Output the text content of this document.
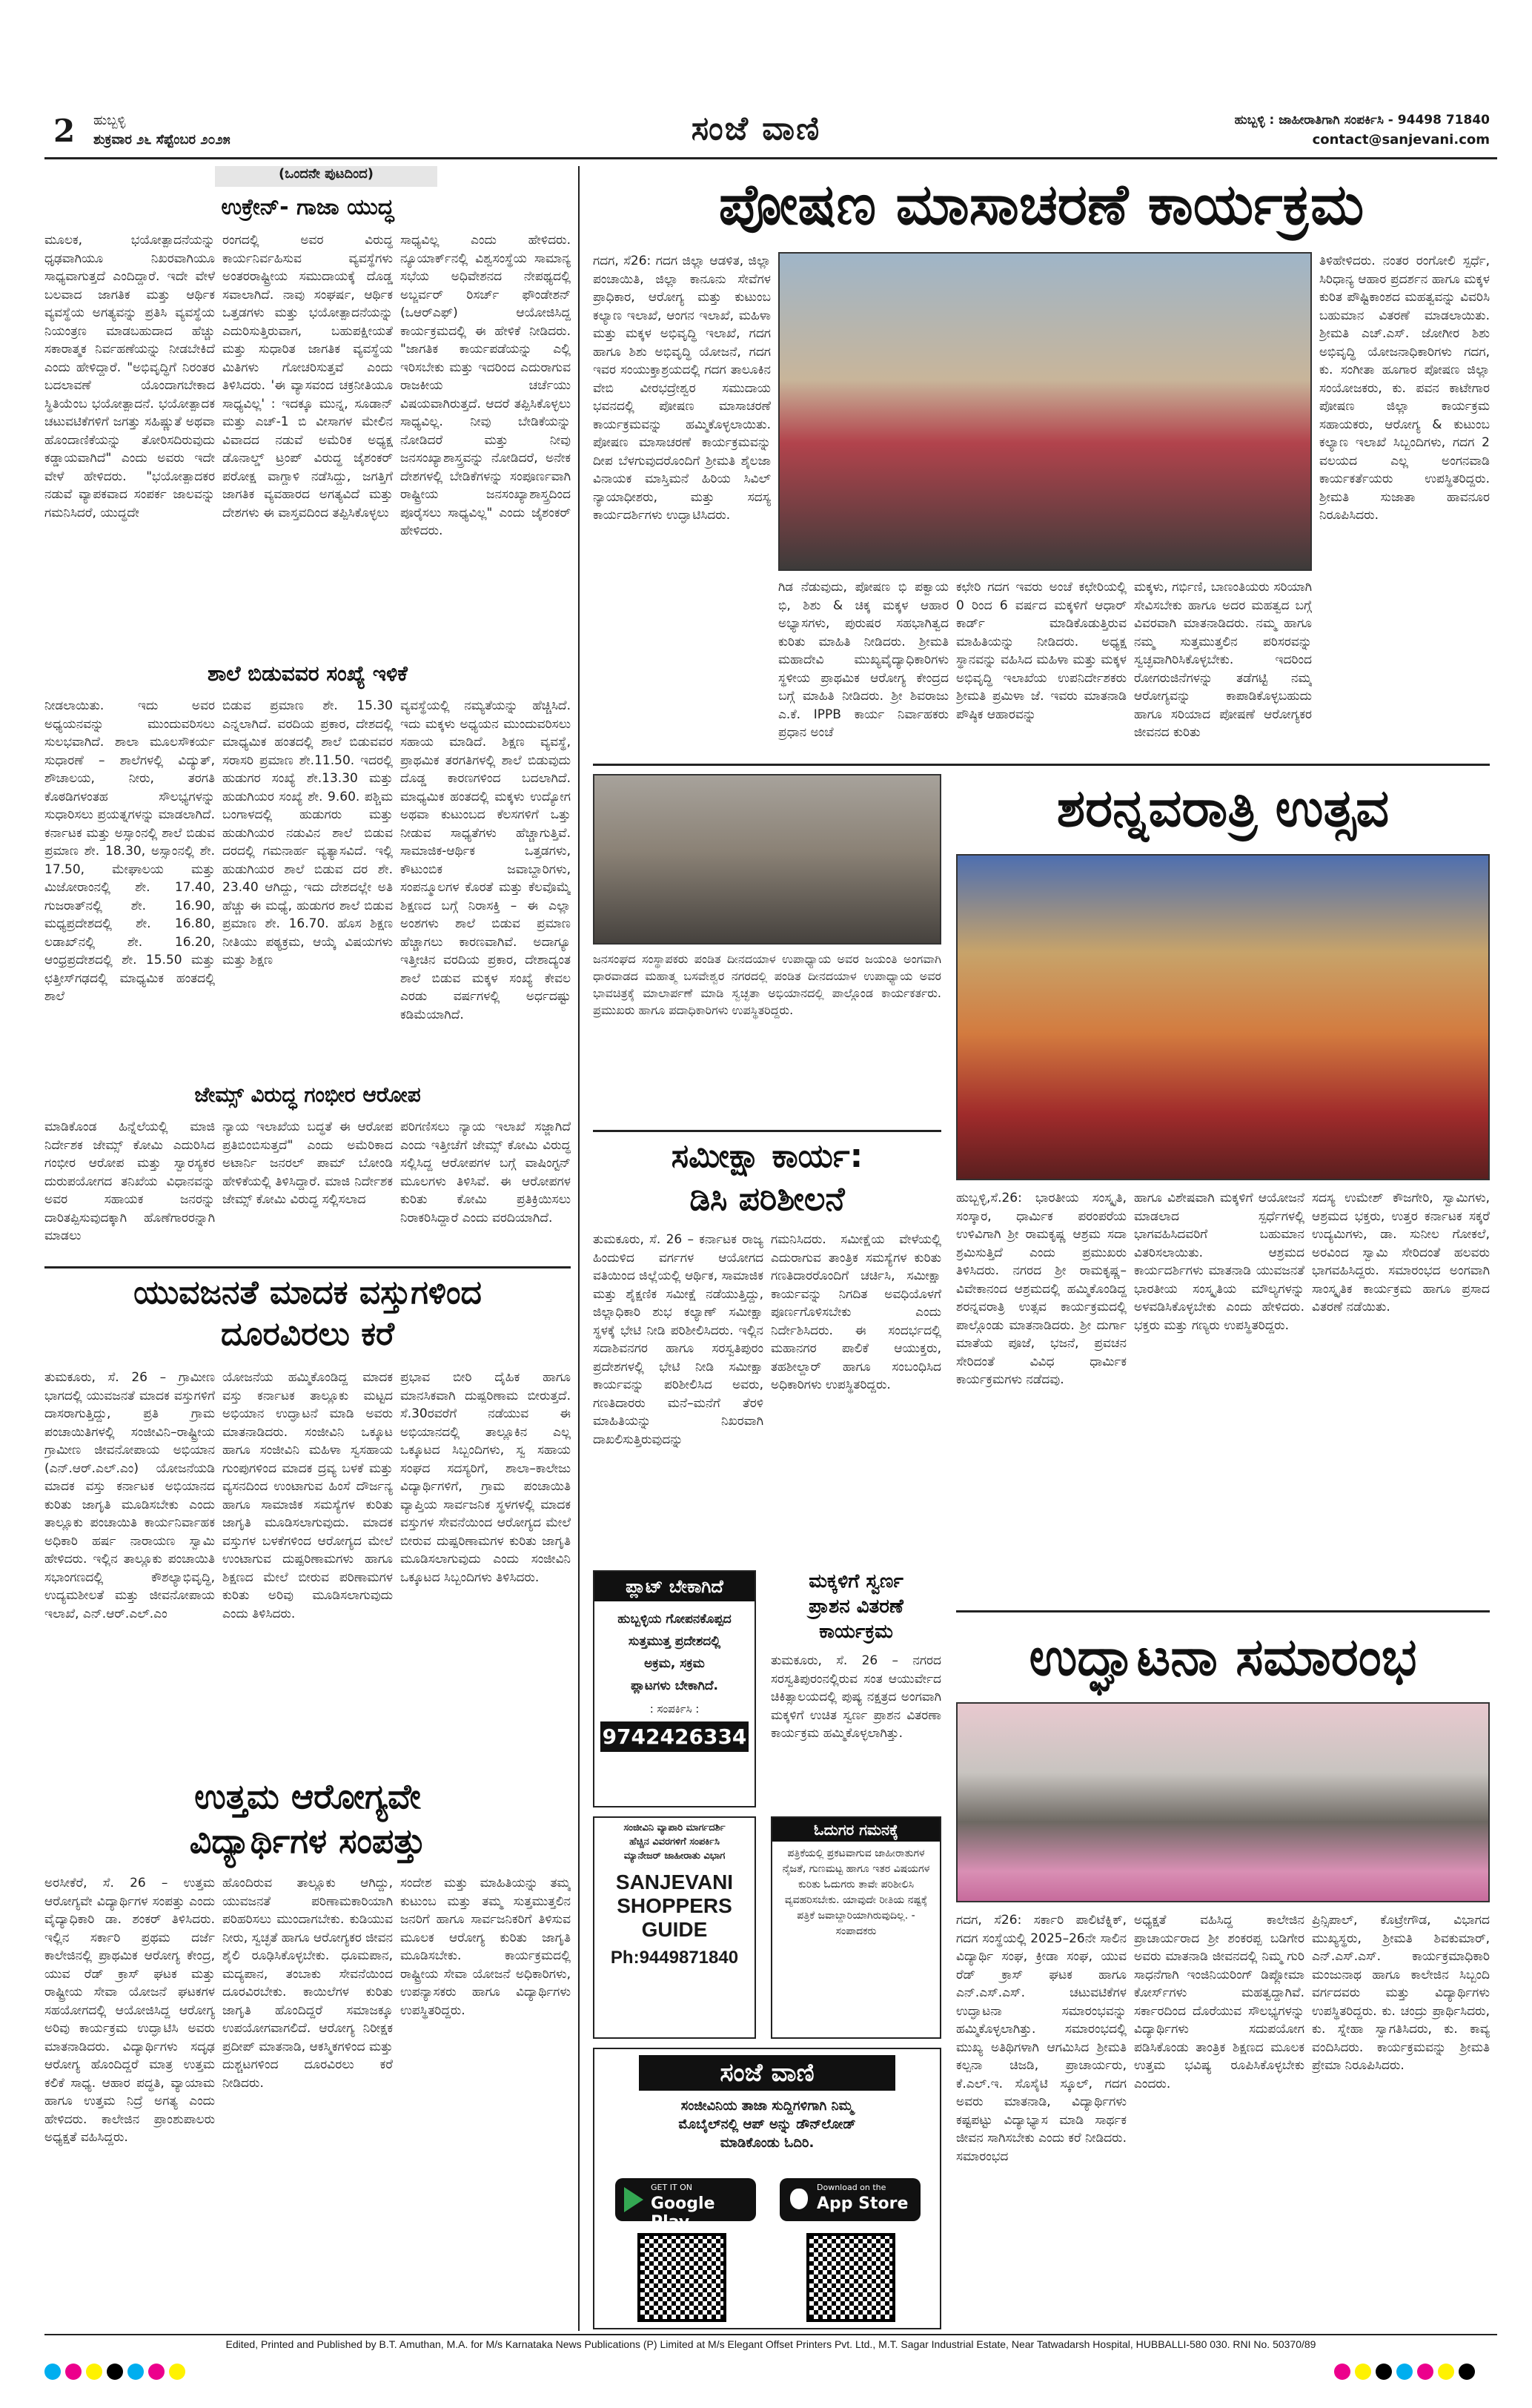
2 ಹುಬ್ಬಳ್ಳಿ
ಶುಕ್ರವಾರ ೨೬ ಸೆಪ್ಟೆಂಬರ ೨೦೨೫	ಸಂಜೆ ವಾಣಿ	ಹುಬ್ಬಳ್ಳಿ : ಜಾಹೀರಾತಿಗಾಗಿ ಸಂಪರ್ಕಿಸಿ - 94498 71840
contact@sanjevani.com
(ಒಂದನೇ ಪುಟದಿಂದ)
ಉಕ್ರೇನ್- ಗಾಜಾ ಯುದ್ಧ
ಮೂಲಕ, ಭಯೋತ್ಪಾದನೆಯನ್ನು ಧೃಢವಾಗಿಯೂ ನಿಖರವಾಗಿಯೂ ಸಾಧ್ಯವಾಗುತ್ತದೆ ಎಂದಿದ್ದಾರೆ. ಇದೇ ವೇಳೆ ಬಲವಾದ ಜಾಗತಿಕ ಮತ್ತು ಆರ್ಥಿಕ ವ್ಯವಸ್ಥೆಯ ಅಗತ್ಯವನ್ನು ಪ್ರತಿಸಿ ವ್ಯವಸ್ಥೆಯ ನಿಯಂತ್ರಣ ಮಾಡಬಹುದಾದ ಹೆಚ್ಚು ಸಕಾರಾತ್ಮಕ ನಿರ್ವಹಣೆಯನ್ನು ನೀಡಬೇಕಿದೆ ಎಂದು ಹೇಳಿದ್ದಾರೆ. "ಅಭಿವೃದ್ಧಿಗೆ ನಿರಂತರ ಬದಲಾವಣೆ ಯೊಂದಾಗಬೇಕಾದ ಸ್ಥಿತಿಯೆಂಬ ಭಯೋತ್ಪಾದನೆ. ಭಯೋತ್ಪಾದಕ ಚಟುವಟಿಕೆಗಳಿಗೆ ಜಗತ್ತು ಸಹಿಷ್ಣುತೆ ಅಥವಾ ಹೊಂದಾಣಿಕೆಯನ್ನು ತೋರಿಸದಿರುವುದು ಕಡ್ಡಾಯವಾಗಿದೆ" ಎಂದು ಅವರು ಇದೇ ವೇಳೆ ಹೇಳಿದರು. "ಭಯೋತ್ಪಾದಕರ ನಡುವೆ ವ್ಯಾಪಕವಾದ ಸಂಪರ್ಕ ಜಾಲವನ್ನು ಗಮನಿಸಿದರೆ, ಯುದ್ಧದೇ
ರಂಗದಲ್ಲಿ ಅವರ ವಿರುದ್ಧ ಕಾರ್ಯನಿರ್ವಹಿಸುವ ವ್ಯವಸ್ಥೆಗಳು ಅಂತರರಾಷ್ಟ್ರೀಯ ಸಮುದಾಯಕ್ಕೆ ದೊಡ್ಡ ಸವಾಲಾಗಿದೆ. ನಾವು ಸಂಘರ್ಷ, ಆರ್ಥಿಕ ಒತ್ತಡಗಳು ಮತ್ತು ಭಯೋತ್ಪಾದನೆಯನ್ನು ಎದುರಿಸುತ್ತಿರುವಾಗ, ಬಹುಪಕ್ಷೀಯತೆ ಮತ್ತು ಸುಧಾರಿತ ಜಾಗತಿಕ ವ್ಯವಸ್ಥೆಯ ಮಿತಿಗಳು ಗೋಚರಿಸುತ್ತವೆ ಎಂದು ತಿಳಿಸಿದರು. 'ಈ ವ್ಯಾಸವಂದ ಚಕ್ರನೀತಿಯೂ ಸಾಧ್ಯವಿಲ್ಲ' : ಇದಕ್ಕೂ ಮುನ್ನ, ಸೂಡಾನ್ ಮತ್ತು ಎಚ್-1 ಬಿ ವೀಸಾಗಳ ಮೇಲಿನ ವಿವಾದದ ನಡುವೆ ಅಮೆರಿಕ ಅಧ್ಯಕ್ಷ ಡೊನಾಲ್ಡ್ ಟ್ರಂಪ್ ವಿರುದ್ಧ ಜೈಶಂಕರ್ ಪರೋಕ್ಷ ವಾಗ್ದಾಳಿ ನಡೆಸಿದ್ದು, ಜಗತ್ತಿಗೆ ಜಾಗತಿಕ ವ್ಯವಹಾರದ ಅಗತ್ಯವಿದೆ ಮತ್ತು ದೇಶಗಳು ಈ ವಾಸ್ತವದಿಂದ ತಪ್ಪಿಸಿಕೊಳ್ಳಲು
ಸಾಧ್ಯವಿಲ್ಲ ಎಂದು ಹೇಳಿದರು. ನ್ಯೂಯಾರ್ಕ್‌ನಲ್ಲಿ ವಿಶ್ವಸಂಸ್ಥೆಯ ಸಾಮಾನ್ಯ ಸಭೆಯ ಅಧಿವೇಶನದ ನೇಪಥ್ಯದಲ್ಲಿ ಅಬ್ಜರ್ವರ್ ರಿಸರ್ಚ್ ಫೌಂಡೇಶನ್ (ಒಆರ್‌ಎಫ್) ಆಯೋಜಿಸಿದ್ದ ಕಾರ್ಯಕ್ರಮದಲ್ಲಿ ಈ ಹೇಳಿಕೆ ನೀಡಿದರು. "ಜಾಗತಿಕ ಕಾರ್ಯಪಡೆಯನ್ನು ಎಲ್ಲಿ ಇರಿಸಬೇಕು ಮತ್ತು ಇದರಿಂದ ಎದುರಾಗುವ ರಾಜಕೀಯ ಚರ್ಚೆಯು ವಿಷಯವಾಗಿರುತ್ತದೆ. ಆದರೆ ತಪ್ಪಿಸಿಕೊಳ್ಳಲು ಸಾಧ್ಯವಿಲ್ಲ. ನೀವು ಬೇಡಿಕೆಯನ್ನು ನೋಡಿದರೆ ಮತ್ತು ನೀವು ಜನಸಂಖ್ಯಾಶಾಸ್ತ್ರವನ್ನು ನೋಡಿದರೆ, ಅನೇಕ ದೇಶಗಳಲ್ಲಿ ಬೇಡಿಕೆಗಳನ್ನು ಸಂಪೂರ್ಣವಾಗಿ ರಾಷ್ಟ್ರೀಯ ಜನಸಂಖ್ಯಾಶಾಸ್ತ್ರದಿಂದ ಪೂರೈಸಲು ಸಾಧ್ಯವಿಲ್ಲ" ಎಂದು ಜೈಶಂಕರ್ ಹೇಳಿದರು.
ಶಾಲೆ ಬಿಡುವವರ ಸಂಖ್ಯೆ ಇಳಿಕೆ
ನೀಡಲಾಯಿತು. ಇದು ಅವರ ಅಧ್ಯಯನವನ್ನು ಮುಂದುವರಿಸಲು ಸುಲಭವಾಗಿದೆ. ಶಾಲಾ ಮೂಲಸೌಕರ್ಯ ಸುಧಾರಣೆ – ಶಾಲೆಗಳಲ್ಲಿ ವಿದ್ಯುತ್, ಶೌಚಾಲಯ, ನೀರು, ತರಗತಿ ಕೊಠಡಿಗಳಂತಹ ಸೌಲಭ್ಯಗಳನ್ನು ಸುಧಾರಿಸಲು ಪ್ರಯತ್ನಗಳನ್ನು ಮಾಡಲಾಗಿದೆ. ಕರ್ನಾಟಕ ಮತ್ತು ಅಸ್ಸಾಂನಲ್ಲಿ ಶಾಲೆ ಬಿಡುವ ಪ್ರಮಾಣ ಶೇ. 18.30, ಅಸ್ಸಾಂನಲ್ಲಿ ಶೇ. 17.50, ಮೇಘಾಲಯ ಮತ್ತು ಮಿಜೋರಾಂನಲ್ಲಿ ಶೇ. 17.40, ಗುಜರಾತ್‌ನಲ್ಲಿ ಶೇ. 16.90, ಮಧ್ಯಪ್ರದೇಶದಲ್ಲಿ ಶೇ. 16.80, ಲಡಾಖ್‌ನಲ್ಲಿ ಶೇ. 16.20, ಆಂಧ್ರಪ್ರದೇಶದಲ್ಲಿ ಶೇ. 15.50 ಮತ್ತು ಛತ್ತೀಸ್‌ಗಢದಲ್ಲಿ ಮಾಧ್ಯಮಿಕ ಹಂತದಲ್ಲಿ ಶಾಲೆ
ಬಿಡುವ ಪ್ರಮಾಣ ಶೇ. 15.30 ಎನ್ನಲಾಗಿದೆ. ವರದಿಯ ಪ್ರಕಾರ, ದೇಶದಲ್ಲಿ ಮಾಧ್ಯಮಿಕ ಹಂತದಲ್ಲಿ ಶಾಲೆ ಬಿಡುವವರ ಸರಾಸರಿ ಪ್ರಮಾಣ ಶೇ.11.50. ಇದರಲ್ಲಿ ಹುಡುಗರ ಸಂಖ್ಯೆ ಶೇ.13.30 ಮತ್ತು ಹುಡುಗಿಯರ ಸಂಖ್ಯೆ ಶೇ. 9.60. ಪಶ್ಚಿಮ ಬಂಗಾಳದಲ್ಲಿ ಹುಡುಗರು ಮತ್ತು ಹುಡುಗಿಯರ ನಡುವಿನ ಶಾಲೆ ಬಿಡುವ ದರದಲ್ಲಿ ಗಮನಾರ್ಹ ವ್ಯತ್ಯಾಸವಿದೆ. ಇಲ್ಲಿ ಹುಡುಗಿಯರ ಶಾಲೆ ಬಿಡುವ ದರ ಶೇ. 23.40 ಆಗಿದ್ದು, ಇದು ದೇಶದಲ್ಲೇ ಅತಿ ಹೆಚ್ಚು ಈ ಮಧ್ಯೆ, ಹುಡುಗರ ಶಾಲೆ ಬಿಡುವ ಪ್ರಮಾಣ ಶೇ. 16.70. ಹೊಸ ಶಿಕ್ಷಣ ನೀತಿಯು ಪಠ್ಯಕ್ರಮ, ಆಯ್ಕೆ ವಿಷಯಗಳು ಮತ್ತು ಶಿಕ್ಷಣ
ವ್ಯವಸ್ಥೆಯಲ್ಲಿ ನಮ್ಯತೆಯನ್ನು ಹೆಚ್ಚಿಸಿದೆ. ಇದು ಮಕ್ಕಳು ಅಧ್ಯಯನ ಮುಂದುವರಿಸಲು ಸಹಾಯ ಮಾಡಿದೆ. ಶಿಕ್ಷಣ ವ್ಯವಸ್ಥೆ, ಪ್ರಾಥಮಿಕ ತರಗತಿಗಳಲ್ಲಿ ಶಾಲೆ ಬಿಡುವುದು ದೊಡ್ಡ ಕಾರಣಗಳಿಂದ ಬದಲಾಗಿದೆ. ಮಾಧ್ಯಮಿಕ ಹಂತದಲ್ಲಿ ಮಕ್ಕಳು ಉದ್ಯೋಗ ಅಥವಾ ಕುಟುಂಬದ ಕೆಲಸಗಳಿಗೆ ಒತ್ತು ನೀಡುವ ಸಾಧ್ಯತೆಗಳು ಹೆಚ್ಚಾಗುತ್ತಿವೆ. ಸಾಮಾಜಿಕ-ಆರ್ಥಿಕ ಒತ್ತಡಗಳು, ಕೌಟುಂಬಿಕ ಜವಾಬ್ದಾರಿಗಳು, ಸಂಪನ್ಮೂಲಗಳ ಕೊರತೆ ಮತ್ತು ಕೆಲವೊಮ್ಮೆ ಶಿಕ್ಷಣದ ಬಗ್ಗೆ ನಿರಾಸಕ್ತಿ – ಈ ಎಲ್ಲಾ ಅಂಶಗಳು ಶಾಲೆ ಬಿಡುವ ಪ್ರಮಾಣ ಹೆಚ್ಚಾಗಲು ಕಾರಣವಾಗಿವೆ. ಅದಾಗ್ಯೂ ಇತ್ತೀಚಿನ ವರದಿಯ ಪ್ರಕಾರ, ದೇಶಾದ್ಯಂತ ಶಾಲೆ ಬಿಡುವ ಮಕ್ಕಳ ಸಂಖ್ಯೆ ಕೇವಲ ಎರಡು ವರ್ಷಗಳಲ್ಲಿ ಅರ್ಧದಷ್ಟು ಕಡಿಮೆಯಾಗಿದೆ.
ಜೇಮ್ಸ್ ವಿರುದ್ಧ ಗಂಭೀರ ಆರೋಪ
ಮಾಡಿಕೊಂಡ ಹಿನ್ನೆಲೆಯಲ್ಲಿ ಮಾಜಿ ನಿರ್ದೇಶಕ ಜೇಮ್ಸ್ ಕೋಮಿ ಎದುರಿಸಿದ ಗಂಭೀರ ಆರೋಪ ಮತ್ತು ಸ್ವಾರಸ್ಯಕರ ದುರುಪಯೋಗದ ತನಿಖೆಯ ವಿಧಾನವನ್ನು ಅವರ ಸಹಾಯಕ ಜನರನ್ನು ದಾರಿತಪ್ಪಿಸುವುದಕ್ಕಾಗಿ ಹೊಣೆಗಾರರನ್ನಾಗಿ ಮಾಡಲು
ನ್ಯಾಯ ಇಲಾಖೆಯ ಬದ್ಧತೆ ಈ ಆರೋಪ ಪ್ರತಿಬಿಂಬಿಸುತ್ತದೆ" ಎಂದು ಅಮೆರಿಕಾದ ಅಟಾರ್ನಿ ಜನರಲ್ ಪಾಮ್ ಬೋಂಡಿ ಹೇಳಿಕೆಯಲ್ಲಿ ತಿಳಿಸಿದ್ದಾರೆ. ಮಾಜಿ ನಿರ್ದೇಶಕ ಜೇಮ್ಸ್ ಕೋಮಿ ವಿರುದ್ಧ ಸಲ್ಲಿಸಲಾದ
ಪರಿಗಣಿಸಲು ನ್ಯಾಯ ಇಲಾಖೆ ಸಜ್ಜಾಗಿದೆ ಎಂದು ಇತ್ತೀಚೆಗೆ ಜೇಮ್ಸ್ ಕೋಮಿ ವಿರುದ್ಧ ಸಲ್ಲಿಸಿದ್ದ ಆರೋಪಗಳ ಬಗ್ಗೆ ವಾಷಿಂಗ್ಟನ್ ಮೂಲಗಳು ತಿಳಿಸಿವೆ. ಈ ಆರೋಪಗಳ ಕುರಿತು ಕೋಮಿ ಪ್ರತಿಕ್ರಿಯಿಸಲು ನಿರಾಕರಿಸಿದ್ದಾರೆ ಎಂದು ವರದಿಯಾಗಿದೆ.
ಯುವಜನತೆ ಮಾದಕ ವಸ್ತುಗಳಿಂದ
ದೂರವಿರಲು ಕರೆ
ತುಮಕೂರು, ಸೆ. 26 – ಗ್ರಾಮೀಣ ಭಾಗದಲ್ಲಿ ಯುವಜನತೆ ಮಾದಕ ವಸ್ತುಗಳಿಗೆ ದಾಸರಾಗುತ್ತಿದ್ದು, ಪ್ರತಿ ಗ್ರಾಮ ಪಂಚಾಯಿತಿಗಳಲ್ಲಿ ಸಂಜೀವಿನಿ–ರಾಷ್ಟ್ರೀಯ ಗ್ರಾಮೀಣ ಜೀವನೋಪಾಯ ಅಭಿಯಾನ (ಎನ್.ಆರ್.ಎಲ್.ಎಂ) ಯೋಜನೆಯಡಿ ಮಾದಕ ವಸ್ತು ಕರ್ನಾಟಕ ಅಭಿಯಾನದ ಕುರಿತು ಜಾಗೃತಿ ಮೂಡಿಸಬೇಕು ಎಂದು ತಾಲ್ಲೂಕು ಪಂಚಾಯಿತಿ ಕಾರ್ಯನಿರ್ವಾಹಕ ಅಧಿಕಾರಿ ಹರ್ಷ ನಾರಾಯಣ ಸ್ವಾಮಿ ಹೇಳಿದರು. ಇಲ್ಲಿನ ತಾಲ್ಲೂಕು ಪಂಚಾಯಿತಿ ಸಭಾಂಗಣದಲ್ಲಿ ಕೌಶಲ್ಯಾಭಿವೃದ್ಧಿ, ಉದ್ಯಮಶೀಲತೆ ಮತ್ತು ಜೀವನೋಪಾಯ ಇಲಾಖೆ, ಎನ್.ಆರ್.ಎಲ್.ಎಂ
ಯೋಜನೆಯ ಹಮ್ಮಿಕೊಂಡಿದ್ದ ಮಾದಕ ವಸ್ತು ಕರ್ನಾಟಕ ತಾಲ್ಲೂಕು ಮಟ್ಟದ ಅಭಿಯಾನ ಉದ್ಘಾಟನೆ ಮಾಡಿ ಅವರು ಮಾತನಾಡಿದರು. ಸಂಜೀವಿನಿ ಒಕ್ಕೂಟ ಹಾಗೂ ಸಂಜೀವಿನಿ ಮಹಿಳಾ ಸ್ವಸಹಾಯ ಗುಂಪುಗಳಿಂದ ಮಾದಕ ದ್ರವ್ಯ ಬಳಕೆ ಮತ್ತು ವ್ಯಸನದಿಂದ ಉಂಟಾಗುವ ಹಿಂಸೆ ದೌರ್ಜನ್ಯ ಹಾಗೂ ಸಾಮಾಜಿಕ ಸಮಸ್ಯೆಗಳ ಕುರಿತು ಜಾಗೃತಿ ಮೂಡಿಸಲಾಗುವುದು. ಮಾದಕ ವಸ್ತುಗಳ ಬಳಕೆಗಳಿಂದ ಆರೋಗ್ಯದ ಮೇಲೆ ಉಂಟಾಗುವ ದುಷ್ಪರಿಣಾಮಗಳು ಹಾಗೂ ಶಿಕ್ಷಣದ ಮೇಲೆ ಬೀರುವ ಪರಿಣಾಮಗಳ ಕುರಿತು ಅರಿವು ಮೂಡಿಸಲಾಗುವುದು ಎಂದು ತಿಳಿಸಿದರು.
ಪ್ರಭಾವ ಬೀರಿ ದೈಹಿಕ ಹಾಗೂ ಮಾನಸಿಕವಾಗಿ ದುಷ್ಪರಿಣಾಮ ಬೀರುತ್ತದೆ. ಸೆ.30ರವರೆಗೆ ನಡೆಯುವ ಈ ಅಭಿಯಾನದಲ್ಲಿ ತಾಲ್ಲೂಕಿನ ಎಲ್ಲ ಒಕ್ಕೂಟದ ಸಿಬ್ಬಂದಿಗಳು, ಸ್ವ ಸಹಾಯ ಸಂಘದ ಸದಸ್ಯರಿಗೆ, ಶಾಲಾ–ಕಾಲೇಜು ವಿದ್ಯಾರ್ಥಿಗಳಿಗೆ, ಗ್ರಾಮ ಪಂಚಾಯಿತಿ ವ್ಯಾಪ್ತಿಯ ಸಾರ್ವಜನಿಕ ಸ್ಥಳಗಳಲ್ಲಿ ಮಾದಕ ವಸ್ತುಗಳ ಸೇವನೆಯಿಂದ ಆರೋಗ್ಯದ ಮೇಲೆ ಬೀರುವ ದುಷ್ಪರಿಣಾಮಗಳ ಕುರಿತು ಜಾಗೃತಿ ಮೂಡಿಸಲಾಗುವುದು ಎಂದು ಸಂಜೀವಿನಿ ಒಕ್ಕೂಟದ ಸಿಬ್ಬಂದಿಗಳು ತಿಳಿಸಿದರು.
ಉತ್ತಮ ಆರೋಗ್ಯವೇ
ವಿದ್ಯಾರ್ಥಿಗಳ ಸಂಪತ್ತು
ಅರಸೀಕೆರೆ, ಸೆ. 26 – ಉತ್ತಮ ಆರೋಗ್ಯವೇ ವಿದ್ಯಾರ್ಥಿಗಳ ಸಂಪತ್ತು ಎಂದು ವೈದ್ಯಾಧಿಕಾರಿ ಡಾ. ಶಂಕರ್ ತಿಳಿಸಿದರು. ಇಲ್ಲಿನ ಸರ್ಕಾರಿ ಪ್ರಥಮ ದರ್ಜೆ ಕಾಲೇಜಿನಲ್ಲಿ ಪ್ರಾಥಮಿಕ ಆರೋಗ್ಯ ಕೇಂದ್ರ, ಯುವ ರೆಡ್ ಕ್ರಾಸ್ ಘಟಕ ಮತ್ತು ರಾಷ್ಟ್ರೀಯ ಸೇವಾ ಯೋಜನೆ ಘಟಕಗಳ ಸಹಯೋಗದಲ್ಲಿ ಆಯೋಜಿಸಿದ್ದ ಆರೋಗ್ಯ ಅರಿವು ಕಾರ್ಯಕ್ರಮ ಉದ್ಘಾಟಿಸಿ ಅವರು ಮಾತನಾಡಿದರು. ವಿದ್ಯಾರ್ಥಿಗಳು ಸದೃಢ ಆರೋಗ್ಯ ಹೊಂದಿದ್ದರೆ ಮಾತ್ರ ಉತ್ತಮ ಕಲಿಕೆ ಸಾಧ್ಯ. ಆಹಾರ ಪದ್ಧತಿ, ವ್ಯಾಯಾಮ ಹಾಗೂ ಉತ್ತಮ ನಿದ್ರೆ ಅಗತ್ಯ ಎಂದು ಹೇಳಿದರು. ಕಾಲೇಜಿನ ಪ್ರಾಂಶುಪಾಲರು ಅಧ್ಯಕ್ಷತೆ ವಹಿಸಿದ್ದರು.
ಹೊಂದಿರುವ ತಾಲ್ಲೂಕು ಆಗಿದ್ದು, ಯುವಜನತೆ ಪರಿಣಾಮಕಾರಿಯಾಗಿ ಪರಿಹರಿಸಲು ಮುಂದಾಗಬೇಕು. ಕುಡಿಯುವ ನೀರು, ಸ್ವಚ್ಛತೆ ಹಾಗೂ ಆರೋಗ್ಯಕರ ಜೀವನ ಶೈಲಿ ರೂಢಿಸಿಕೊಳ್ಳಬೇಕು. ಧೂಮಪಾನ, ಮದ್ಯಪಾನ, ತಂಬಾಕು ಸೇವನೆಯಿಂದ ದೂರವಿರಬೇಕು. ಕಾಯಿಲೆಗಳ ಕುರಿತು ಜಾಗೃತಿ ಹೊಂದಿದ್ದರೆ ಸಮಾಜಕ್ಕೂ ಉಪಯೋಗವಾಗಲಿದೆ. ಆರೋಗ್ಯ ನಿರೀಕ್ಷಕ ಪ್ರದೀಪ್ ಮಾತನಾಡಿ, ಆಕಸ್ಮಿಕಗಳಿಂದ ಮತ್ತು ದುಶ್ಚಟಗಳಿಂದ ದೂರವಿರಲು ಕರೆ ನೀಡಿದರು.
ಸಂದೇಶ ಮತ್ತು ಮಾಹಿತಿಯನ್ನು ತಮ್ಮ ಕುಟುಂಬ ಮತ್ತು ತಮ್ಮ ಸುತ್ತಮುತ್ತಲಿನ ಜನರಿಗೆ ಹಾಗೂ ಸಾರ್ವಜನಿಕರಿಗೆ ತಿಳಿಸುವ ಮೂಲಕ ಆರೋಗ್ಯ ಕುರಿತು ಜಾಗೃತಿ ಮೂಡಿಸಬೇಕು. ಕಾರ್ಯಕ್ರಮದಲ್ಲಿ ರಾಷ್ಟ್ರೀಯ ಸೇವಾ ಯೋಜನೆ ಅಧಿಕಾರಿಗಳು, ಉಪನ್ಯಾಸಕರು ಹಾಗೂ ವಿದ್ಯಾರ್ಥಿಗಳು ಉಪಸ್ಥಿತರಿದ್ದರು.
ಪೋಷಣ ಮಾಸಾಚರಣೆ ಕಾರ್ಯಕ್ರಮ
ಗದಗ, ಸೆ26: ಗದಗ ಜಿಲ್ಲಾ ಆಡಳಿತ, ಜಿಲ್ಲಾ ಪಂಚಾಯಿತಿ, ಜಿಲ್ಲಾ ಕಾನೂನು ಸೇವೆಗಳ ಪ್ರಾಧಿಕಾರ, ಆರೋಗ್ಯ ಮತ್ತು ಕುಟುಂಬ ಕಲ್ಯಾಣ ಇಲಾಖೆ, ಆಂಗನ ಇಲಾಖೆ, ಮಹಿಳಾ ಮತ್ತು ಮಕ್ಕಳ ಅಭಿವೃದ್ಧಿ ಇಲಾಖೆ, ಗದಗ ಹಾಗೂ ಶಿಶು ಅಭಿವೃದ್ಧಿ ಯೋಜನೆ, ಗದಗ ಇವರ ಸಂಯುಕ್ತಾಶ್ರಯದಲ್ಲಿ ಗದಗ ತಾಲೂಕಿನ ವೇಬಿ ವೀರಭದ್ರೇಶ್ವರ ಸಮುದಾಯ ಭವನದಲ್ಲಿ ಪೋಷಣ ಮಾಸಾಚರಣೆ ಕಾರ್ಯಕ್ರಮವನ್ನು ಹಮ್ಮಿಕೊಳ್ಳಲಾಯಿತು. ಪೋಷಣ ಮಾಸಾಚರಣೆ ಕಾರ್ಯಕ್ರಮವನ್ನು ದೀಪ ಬೆಳಗುವುದರೊಂದಿಗೆ ಶ್ರೀಮತಿ ಶೈಲಜಾ ವಿನಾಯಕ ಮಾಸ್ತಿಮನೆ ಹಿರಿಯ ಸಿವಿಲ್ ನ್ಯಾಯಾಧೀಶರು, ಮತ್ತು ಸದಸ್ಯ ಕಾರ್ಯದರ್ಶಿಗಳು ಉದ್ಘಾಟಿಸಿದರು.
ಗಿಡ ನೆಡುವುದು, ಪೋಷಣ ಭಿ ಪಕ್ವಾಯ ಭಿ, ಶಿಶು & ಚಿಕ್ಕ ಮಕ್ಕಳ ಆಹಾರ ಅಭ್ಯಾಸಗಳು, ಪುರುಷರ ಸಹಭಾಗಿತ್ವದ ಕುರಿತು ಮಾಹಿತಿ ನೀಡಿದರು. ಶ್ರೀಮತಿ ಮಹಾದೇವಿ ಮುಖ್ಯವೈದ್ಯಾಧಿಕಾರಿಗಳು ಸ್ಥಳೀಯ ಪ್ರಾಥಮಿಕ ಆರೋಗ್ಯ ಕೇಂದ್ರದ ಬಗ್ಗೆ ಮಾಹಿತಿ ನೀಡಿದರು. ಶ್ರೀ ಶಿವರಾಜು ಎ.ಕೆ. IPPB ಕಾರ್ಯ ನಿರ್ವಾಹಕರು ಪ್ರಧಾನ ಅಂಚೆ
ಕಛೇರಿ ಗದಗ ಇವರು ಅಂಚೆ ಕಛೇರಿಯಲ್ಲಿ 0 ರಿಂದ 6 ವರ್ಷದ ಮಕ್ಕಳಿಗೆ ಆಧಾರ್ ಕಾರ್ಡ್ ಮಾಡಿಕೊಡುತ್ತಿರುವ ಮಾಹಿತಿಯನ್ನು ನೀಡಿದರು. ಅಧ್ಯಕ್ಷ ಸ್ಥಾನವನ್ನು ವಹಿಸಿದ ಮಹಿಳಾ ಮತ್ತು ಮಕ್ಕಳ ಅಭಿವೃದ್ಧಿ ಇಲಾಖೆಯ ಉಪನಿರ್ದೇಶಕರು ಶ್ರೀಮತಿ ಪ್ರಮಿಳಾ ಜೆ. ಇವರು ಮಾತನಾಡಿ ಪೌಷ್ಠಿಕ ಆಹಾರವನ್ನು
ಮಕ್ಕಳು, ಗರ್ಭಿಣಿ, ಬಾಣಂತಿಯರು ಸರಿಯಾಗಿ ಸೇವಿಸಬೇಕು ಹಾಗೂ ಅದರ ಮಹತ್ವದ ಬಗ್ಗೆ ವಿವರವಾಗಿ ಮಾತನಾಡಿದರು. ನಮ್ಮ ಹಾಗೂ ನಮ್ಮ ಸುತ್ತಮುತ್ತಲಿನ ಪರಿಸರವನ್ನು ಸ್ವಚ್ಛವಾಗಿರಿಸಿಕೊಳ್ಳಬೇಕು. ಇದರಿಂದ ರೋಗರುಜಿನೆಗಳನ್ನು ತಡೆಗಟ್ಟಿ ನಮ್ಮ ಆರೋಗ್ಯವನ್ನು ಕಾಪಾಡಿಕೊಳ್ಳಬಹುದು ಹಾಗೂ ಸರಿಯಾದ ಪೋಷಣೆ ಆರೋಗ್ಯಕರ ಜೀವನದ ಕುರಿತು
ತಿಳಿಹೇಳಿದರು. ನಂತರ ರಂಗೋಲಿ ಸ್ಪರ್ಧೆ, ಸಿರಿಧಾನ್ಯ ಆಹಾರ ಪ್ರದರ್ಶನ ಹಾಗೂ ಮಕ್ಕಳ ಕುರಿತ ಪೌಷ್ಟಿಕಾಂಶದ ಮಹತ್ವವನ್ನು ವಿವರಿಸಿ ಬಹುಮಾನ ವಿತರಣೆ ಮಾಡಲಾಯಿತು. ಶ್ರೀಮತಿ ಎಚ್.ಎಸ್. ಜೋಗೀರ ಶಿಶು ಅಭಿವೃದ್ಧಿ ಯೋಜನಾಧಿಕಾರಿಗಳು ಗದಗ, ಕು. ಸಂಗೀತಾ ಹೂಗಾರ ಪೋಷಣ ಜಿಲ್ಲಾ ಸಂಯೋಜಕರು, ಕು. ಪವನ ಕಾಟೇಗಾರ ಪೋಷಣ ಜಿಲ್ಲಾ ಕಾರ್ಯಕ್ರಮ ಸಹಾಯಕರು, ಆರೋಗ್ಯ & ಕುಟುಂಬ ಕಲ್ಯಾಣ ಇಲಾಖೆ ಸಿಬ್ಬಂದಿಗಳು, ಗದಗ 2 ವಲಯದ ಎಲ್ಲ ಅಂಗನವಾಡಿ ಕಾರ್ಯಕರ್ತೆಯರು ಉಪಸ್ಥಿತರಿದ್ದರು. ಶ್ರೀಮತಿ ಸುಜಾತಾ ಹಾವನೂರ ನಿರೂಪಿಸಿದರು.
ಜನಸಂಘದ ಸಂಸ್ಥಾಪಕರು ಪಂಡಿತ ದೀನದಯಾಳ ಉಪಾಧ್ಯಾಯ ಅವರ ಜಯಂತಿ ಅಂಗವಾಗಿ ಧಾರವಾಡದ ಮಹಾತ್ಮ ಬಸವೇಶ್ವರ ನಗರದಲ್ಲಿ ಪಂಡಿತ ದೀನದಯಾಳ ಉಪಾಧ್ಯಾಯ ಅವರ ಭಾವಚಿತ್ರಕ್ಕೆ ಮಾಲಾರ್ಪಣೆ ಮಾಡಿ ಸ್ವಚ್ಛತಾ ಅಭಿಯಾನದಲ್ಲಿ ಪಾಲ್ಗೊಂಡ ಕಾರ್ಯಕರ್ತರು. ಪ್ರಮುಖರು ಹಾಗೂ ಪದಾಧಿಕಾರಿಗಳು ಉಪಸ್ಥಿತರಿದ್ದರು.
ಶರನ್ನವರಾತ್ರಿ ಉತ್ಸವ
ಸಮೀಕ್ಷಾ ಕಾರ್ಯ:
ಡಿಸಿ ಪರಿಶೀಲನೆ
ತುಮಕೂರು, ಸೆ. 26 – ಕರ್ನಾಟಕ ರಾಜ್ಯ ಹಿಂದುಳಿದ ವರ್ಗಗಳ ಆಯೋಗದ ವತಿಯಿಂದ ಜಿಲ್ಲೆಯಲ್ಲಿ ಆರ್ಥಿಕ, ಸಾಮಾಜಿಕ ಮತ್ತು ಶೈಕ್ಷಣಿಕ ಸಮೀಕ್ಷೆ ನಡೆಯುತ್ತಿದ್ದು, ಜಿಲ್ಲಾಧಿಕಾರಿ ಶುಭ ಕಲ್ಯಾಣ್ ಸಮೀಕ್ಷಾ ಸ್ಥಳಕ್ಕೆ ಭೇಟಿ ನೀಡಿ ಪರಿಶೀಲಿಸಿದರು. ಇಲ್ಲಿನ ಸದಾಶಿವನಗರ ಹಾಗೂ ಸರಸ್ವತಿಪುರಂ ಪ್ರದೇಶಗಳಲ್ಲಿ ಭೇಟಿ ನೀಡಿ ಸಮೀಕ್ಷಾ ಕಾರ್ಯವನ್ನು ಪರಿಶೀಲಿಸಿದ ಅವರು, ಗಣತಿದಾರರು ಮನೆ–ಮನೆಗೆ ತೆರಳಿ ಮಾಹಿತಿಯನ್ನು ನಿಖರವಾಗಿ ದಾಖಲಿಸುತ್ತಿರುವುದನ್ನು
ಗಮನಿಸಿದರು. ಸಮೀಕ್ಷೆಯ ವೇಳೆಯಲ್ಲಿ ಎದುರಾಗುವ ತಾಂತ್ರಿಕ ಸಮಸ್ಯೆಗಳ ಕುರಿತು ಗಣತಿದಾರರೊಂದಿಗೆ ಚರ್ಚಿಸಿ, ಸಮೀಕ್ಷಾ ಕಾರ್ಯವನ್ನು ನಿಗದಿತ ಅವಧಿಯೊಳಗೆ ಪೂರ್ಣಗೊಳಿಸಬೇಕು ಎಂದು ನಿರ್ದೇಶಿಸಿದರು. ಈ ಸಂದರ್ಭದಲ್ಲಿ ಮಹಾನಗರ ಪಾಲಿಕೆ ಆಯುಕ್ತರು, ತಹಶೀಲ್ದಾರ್ ಹಾಗೂ ಸಂಬಂಧಿಸಿದ ಅಧಿಕಾರಿಗಳು ಉಪಸ್ಥಿತರಿದ್ದರು.
ಹುಬ್ಬಳ್ಳಿ,ಸೆ.26: ಭಾರತೀಯ ಸಂಸ್ಕೃತಿ, ಸಂಸ್ಕಾರ, ಧಾರ್ಮಿಕ ಪರಂಪರೆಯ ಉಳಿವಿಗಾಗಿ ಶ್ರೀ ರಾಮಕೃಷ್ಣ ಆಶ್ರಮ ಸದಾ ಶ್ರಮಿಸುತ್ತಿದೆ ಎಂದು ಪ್ರಮುಖರು ತಿಳಿಸಿದರು. ನಗರದ ಶ್ರೀ ರಾಮಕೃಷ್ಣ–ವಿವೇಕಾನಂದ ಆಶ್ರಮದಲ್ಲಿ ಹಮ್ಮಿಕೊಂಡಿದ್ದ ಶರನ್ನವರಾತ್ರಿ ಉತ್ಸವ ಕಾರ್ಯಕ್ರಮದಲ್ಲಿ ಪಾಲ್ಗೊಂಡು ಮಾತನಾಡಿದರು. ಶ್ರೀ ದುರ್ಗಾ ಮಾತೆಯ ಪೂಜೆ, ಭಜನೆ, ಪ್ರವಚನ ಸೇರಿದಂತೆ ವಿವಿಧ ಧಾರ್ಮಿಕ ಕಾರ್ಯಕ್ರಮಗಳು ನಡೆದವು.
ಹಾಗೂ ವಿಶೇಷವಾಗಿ ಮಕ್ಕಳಿಗೆ ಆಯೋಜನೆ ಮಾಡಲಾದ ಸ್ಪರ್ಧೆಗಳಲ್ಲಿ ಭಾಗವಹಿಸಿದವರಿಗೆ ಬಹುಮಾನ ವಿತರಿಸಲಾಯಿತು. ಆಶ್ರಮದ ಕಾರ್ಯದರ್ಶಿಗಳು ಮಾತನಾಡಿ ಯುವಜನತೆ ಭಾರತೀಯ ಸಂಸ್ಕೃತಿಯ ಮೌಲ್ಯಗಳನ್ನು ಅಳವಡಿಸಿಕೊಳ್ಳಬೇಕು ಎಂದು ಹೇಳಿದರು. ಭಕ್ತರು ಮತ್ತು ಗಣ್ಯರು ಉಪಸ್ಥಿತರಿದ್ದರು.
ಸದಸ್ಯ ಉಮೇಶ್ ಕೌಜಗೇರಿ, ಸ್ವಾಮಿಗಳು, ಆಶ್ರಮದ ಭಕ್ತರು, ಉತ್ತರ ಕರ್ನಾಟಕ ಸಕ್ಕರೆ ಉದ್ಯಮಿಗಳು, ಡಾ. ಸುನೀಲ ಗೋಕಲೆ, ಅರವಿಂದ ಸ್ವಾಮಿ ಸೇರಿದಂತೆ ಹಲವರು ಭಾಗವಹಿಸಿದ್ದರು. ಸಮಾರಂಭದ ಅಂಗವಾಗಿ ಸಾಂಸ್ಕೃತಿಕ ಕಾರ್ಯಕ್ರಮ ಹಾಗೂ ಪ್ರಸಾದ ವಿತರಣೆ ನಡೆಯಿತು.
ಪ್ಲಾಟ್ ಬೇಕಾಗಿದೆ
ಹುಬ್ಬಳ್ಳಿಯ ಗೋಪನಕೊಪ್ಪದ
ಸುತ್ತಮುತ್ತ ಪ್ರದೇಶದಲ್ಲಿ
ಅಕ್ರಮ, ಸಕ್ರಮ
ಪ್ಲಾಟಗಳು ಬೇಕಾಗಿದೆ.
: ಸಂಪರ್ಕಿಸಿ :
9742426334
ಸಂಜೀವಿನಿ ವ್ಯಾಪಾರಿ ಮಾರ್ಗದರ್ಶಿ
ಹೆಚ್ಚಿನ ವಿವರಗಳಿಗೆ ಸಂಪರ್ಕಿಸಿ
ಮ್ಯಾನೇಜರ್ ಜಾಹೀರಾತು ವಿಭಾಗ
SANJEVANI
SHOPPERS
GUIDE
Ph:9449871840
ಮಕ್ಕಳಿಗೆ ಸ್ವರ್ಣ
ಪ್ರಾಶನ ವಿತರಣೆ
ಕಾರ್ಯಕ್ರಮ
ತುಮಕೂರು, ಸೆ. 26 – ನಗರದ ಸರಸ್ವತಿಪುರಂನಲ್ಲಿರುವ ಸಂತ ಆಯುರ್ವೇದ ಚಿಕಿತ್ಸಾಲಯದಲ್ಲಿ ಪುಷ್ಯ ನಕ್ಷತ್ರದ ಅಂಗವಾಗಿ ಮಕ್ಕಳಿಗೆ ಉಚಿತ ಸ್ವರ್ಣ ಪ್ರಾಶನ ವಿತರಣಾ ಕಾರ್ಯಕ್ರಮ ಹಮ್ಮಿಕೊಳ್ಳಲಾಗಿತ್ತು.
ಓದುಗರ ಗಮನಕ್ಕೆ
ಪತ್ರಿಕೆಯಲ್ಲಿ ಪ್ರಕಟವಾಗುವ ಜಾಹೀರಾತುಗಳ ನೈಜತೆ, ಗುಣಮಟ್ಟ ಹಾಗೂ ಇತರ ವಿಷಯಗಳ ಕುರಿತು ಓದುಗರು ತಾವೇ ಪರಿಶೀಲಿಸಿ ವ್ಯವಹರಿಸಬೇಕು. ಯಾವುದೇ ರೀತಿಯ ನಷ್ಟಕ್ಕೆ ಪತ್ರಿಕೆ ಜವಾಬ್ದಾರಿಯಾಗಿರುವುದಿಲ್ಲ. - ಸಂಪಾದಕರು
ಸಂಜೆ ವಾಣಿ
ಸಂಜೀವಿನಿಯ ತಾಜಾ ಸುದ್ದಿಗಳಿಗಾಗಿ ನಿಮ್ಮ
ಮೊಬೈಲ್‌ನಲ್ಲಿ ಆಪ್ ಅನ್ನು ಡೌನ್‌ಲೋಡ್
ಮಾಡಿಕೊಂಡು ಓದಿರಿ.
GET IT ON
Google Play
Download on the
App Store
ಉದ್ಘಾಟನಾ ಸಮಾರಂಭ
ಗದಗ, ಸೆ26: ಸರ್ಕಾರಿ ಪಾಲಿಟೆಕ್ನಿಕ್, ಗದಗ ಸಂಸ್ಥೆಯಲ್ಲಿ 2025–26ನೇ ಸಾಲಿನ ವಿದ್ಯಾರ್ಥಿ ಸಂಘ, ಕ್ರೀಡಾ ಸಂಘ, ಯುವ ರೆಡ್ ಕ್ರಾಸ್ ಘಟಕ ಹಾಗೂ ಎನ್.ಎಸ್.ಎಸ್. ಚಟುವಟಿಕೆಗಳ ಉದ್ಘಾಟನಾ ಸಮಾರಂಭವನ್ನು ಹಮ್ಮಿಕೊಳ್ಳಲಾಗಿತ್ತು. ಸಮಾರಂಭದಲ್ಲಿ ಮುಖ್ಯ ಅತಿಥಿಗಳಾಗಿ ಆಗಮಿಸಿದ ಶ್ರೀಮತಿ ಕಲ್ಪನಾ ಚಿಜಡಿ, ಪ್ರಾಚಾರ್ಯರು, ಕೆ.ಎಲ್.ಇ. ಸೊಸೈಟಿ ಸ್ಕೂಲ್, ಗದಗ ಅವರು ಮಾತನಾಡಿ, ವಿದ್ಯಾರ್ಥಿಗಳು ಕಷ್ಟಪಟ್ಟು ವಿದ್ಯಾಭ್ಯಾಸ ಮಾಡಿ ಸಾರ್ಥಕ ಜೀವನ ಸಾಗಿಸಬೇಕು ಎಂದು ಕರೆ ನೀಡಿದರು. ಸಮಾರಂಭದ
ಅಧ್ಯಕ್ಷತೆ ವಹಿಸಿದ್ದ ಕಾಲೇಜಿನ ಪ್ರಾಚಾರ್ಯರಾದ ಶ್ರೀ ಶಂಕರಪ್ಪ ಬಡಿಗೇರ ಅವರು ಮಾತನಾಡಿ ಜೀವನದಲ್ಲಿ ನಿಮ್ಮ ಗುರಿ ಸಾಧನೆಗಾಗಿ ಇಂಜಿನಿಯರಿಂಗ್ ಡಿಪ್ಲೋಮಾ ಕೋರ್ಸ್‌ಗಳು ಮಹತ್ವದ್ದಾಗಿವೆ. ಸರ್ಕಾರದಿಂದ ದೊರೆಯುವ ಸೌಲಭ್ಯಗಳನ್ನು ವಿದ್ಯಾರ್ಥಿಗಳು ಸದುಪಯೋಗ ಪಡಿಸಿಕೊಂಡು ತಾಂತ್ರಿಕ ಶಿಕ್ಷಣದ ಮೂಲಕ ಉತ್ತಮ ಭವಿಷ್ಯ ರೂಪಿಸಿಕೊಳ್ಳಬೇಕು ಎಂದರು.
ಪ್ರಿನ್ಸಿಪಾಲ್, ಕೊಟ್ರೇಗೌಡ, ವಿಭಾಗದ ಮುಖ್ಯಸ್ಥರು, ಶ್ರೀಮತಿ ಶಿವಕುಮಾರ್, ಎನ್.ಎಸ್.ಎಸ್. ಕಾರ್ಯಕ್ರಮಾಧಿಕಾರಿ ಮಂಜುನಾಥ ಹಾಗೂ ಕಾಲೇಜಿನ ಸಿಬ್ಬಂದಿ ವರ್ಗದವರು ಮತ್ತು ವಿದ್ಯಾರ್ಥಿಗಳು ಉಪಸ್ಥಿತರಿದ್ದರು. ಕು. ಚಂದ್ರು ಪ್ರಾರ್ಥಿಸಿದರು, ಕು. ಸ್ನೇಹಾ ಸ್ವಾಗತಿಸಿದರು, ಕು. ಕಾವ್ಯ ವಂದಿಸಿದರು. ಕಾರ್ಯಕ್ರಮವನ್ನು ಶ್ರೀಮತಿ ಪ್ರೇಮಾ ನಿರೂಪಿಸಿದರು.
Edited, Printed and Published by B.T. Amuthan, M.A. for M/s Karnataka News Publications (P) Limited at M/s Elegant Offset Printers Pvt. Ltd., M.T. Sagar Industrial Estate, Near Tatwadarsh Hospital, HUBBALLI-580 030. RNI No. 50370/89
